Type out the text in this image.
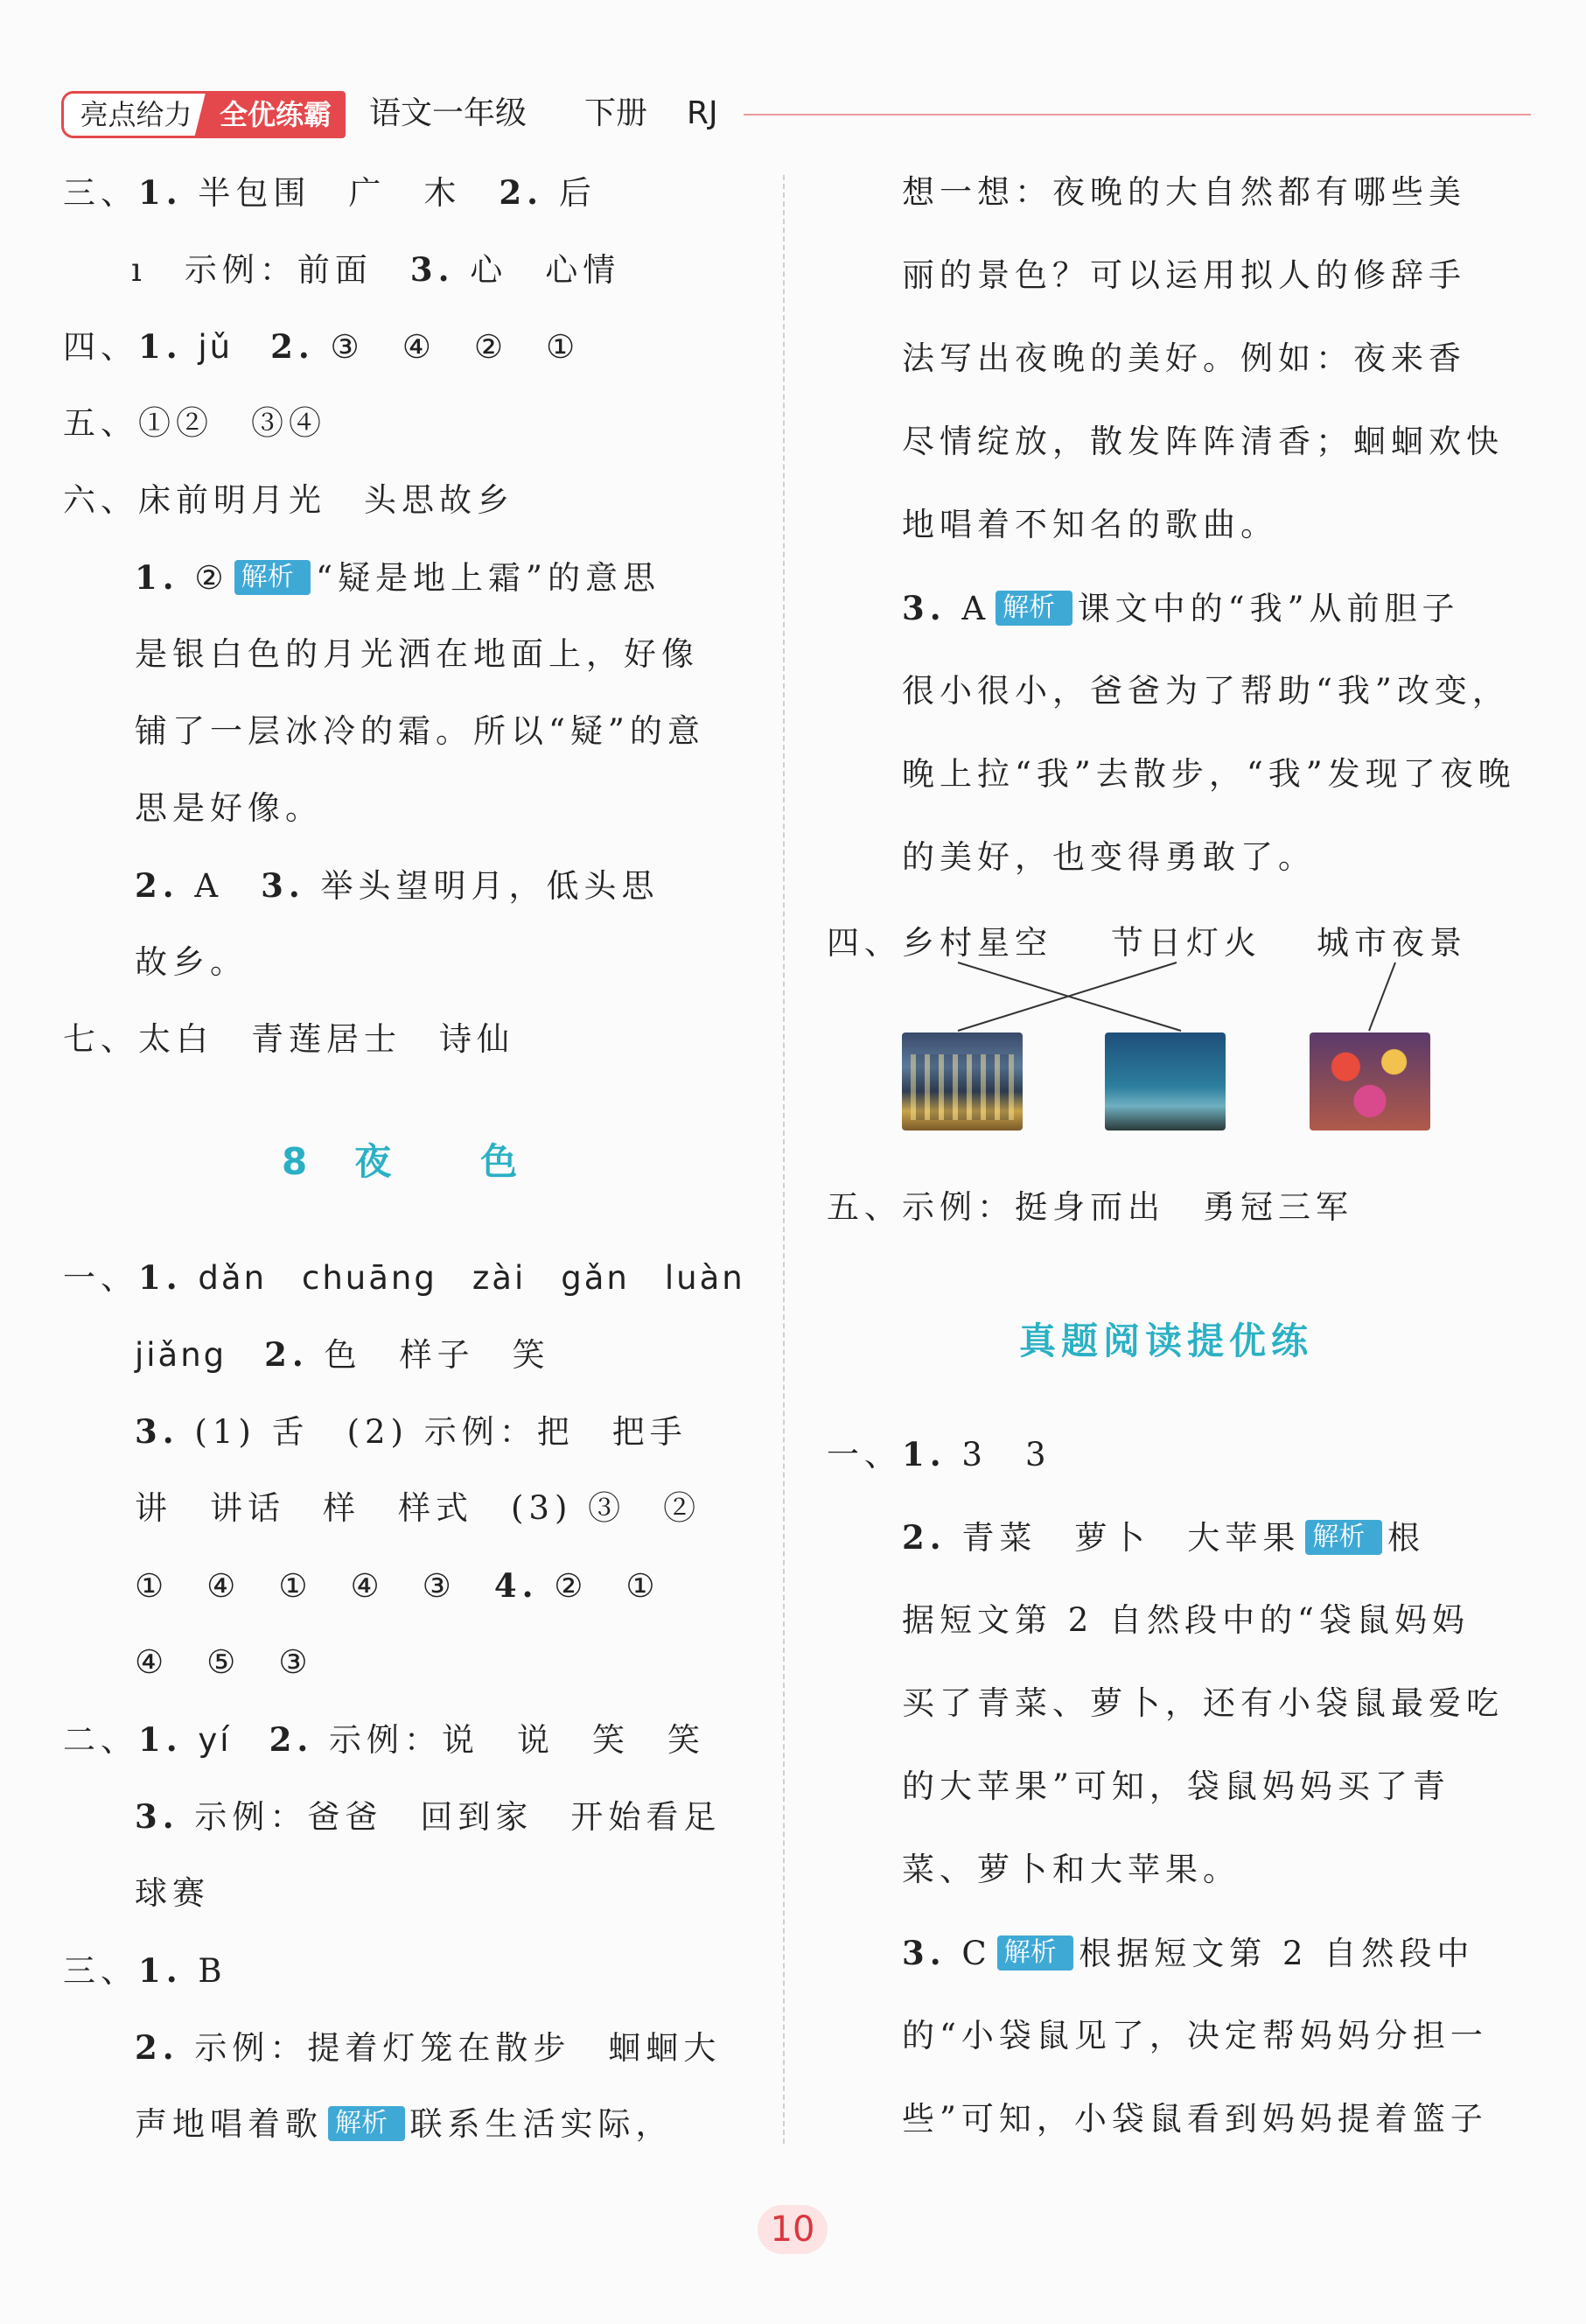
亮点给力 全优练霸	语文一年级 下册 RJ
三、1. 半包围　广　木　2. 后
ı　示例：前面　3. 心　心情
四、1. jǔ　 2. ③　④　②　①
五、①②　③④
六、床前明月光　头思故乡
1. ② 解析 · “疑是地上霜”的意思
是银白色的月光洒在地面上，好像
铺了一层冰冷的霜。所以“疑”的意
思是好像。
2. A　 3. 举头望明月，低头思
故乡。
七、太白　青莲居士　诗仙
8　夜　　色
一、1. dǎn　chuāng　zài　gǎn　luàn
jiǎng　 2. 色　样子　笑
3. (1) 舌　(2) 示例：把　把手
讲　讲话　样　样式　(3) ③　②
①　④　①　④　③　4. ②　①
④　⑤　③
二、1. yí　 2. 示例：说　说　笑　笑
3. 示例：爸爸　回到家　开始看足
球赛
三、1. B
2. 示例：提着灯笼在散步　蛔蛔大
声地唱着歌 解析 · 联系生活实际，
想一想：夜晚的大自然都有哪些美
丽的景色？可以运用拟人的修辞手
法写出夜晚的美好。例如：夜来香
尽情绽放，散发阵阵清香；蛔蛔欢快
地唱着不知名的歌曲。
3. A 解析 · 课文中的“我”从前胆子
很小很小，爸爸为了帮助“我”改变，
晚上拉“我”去散步，“我”发现了夜晚
的美好，也变得勇敢了。
四、乡村星空 节日灯火 城市夜景
五、示例：挺身而出　勇冠三军
真题阅读提优练
一、1. 3　3
2. 青菜　萝卜　大苹果 解析 · 根
据短文第 2 自然段中的“袋鼠妈妈
买了青菜、萝卜，还有小袋鼠最爱吃
的大苹果”可知，袋鼠妈妈买了青
菜、萝卜和大苹果。
3. C 解析 · 根据短文第 2 自然段中
的“小袋鼠见了，决定帮妈妈分担一
些”可知，小袋鼠看到妈妈提着篮子
10
